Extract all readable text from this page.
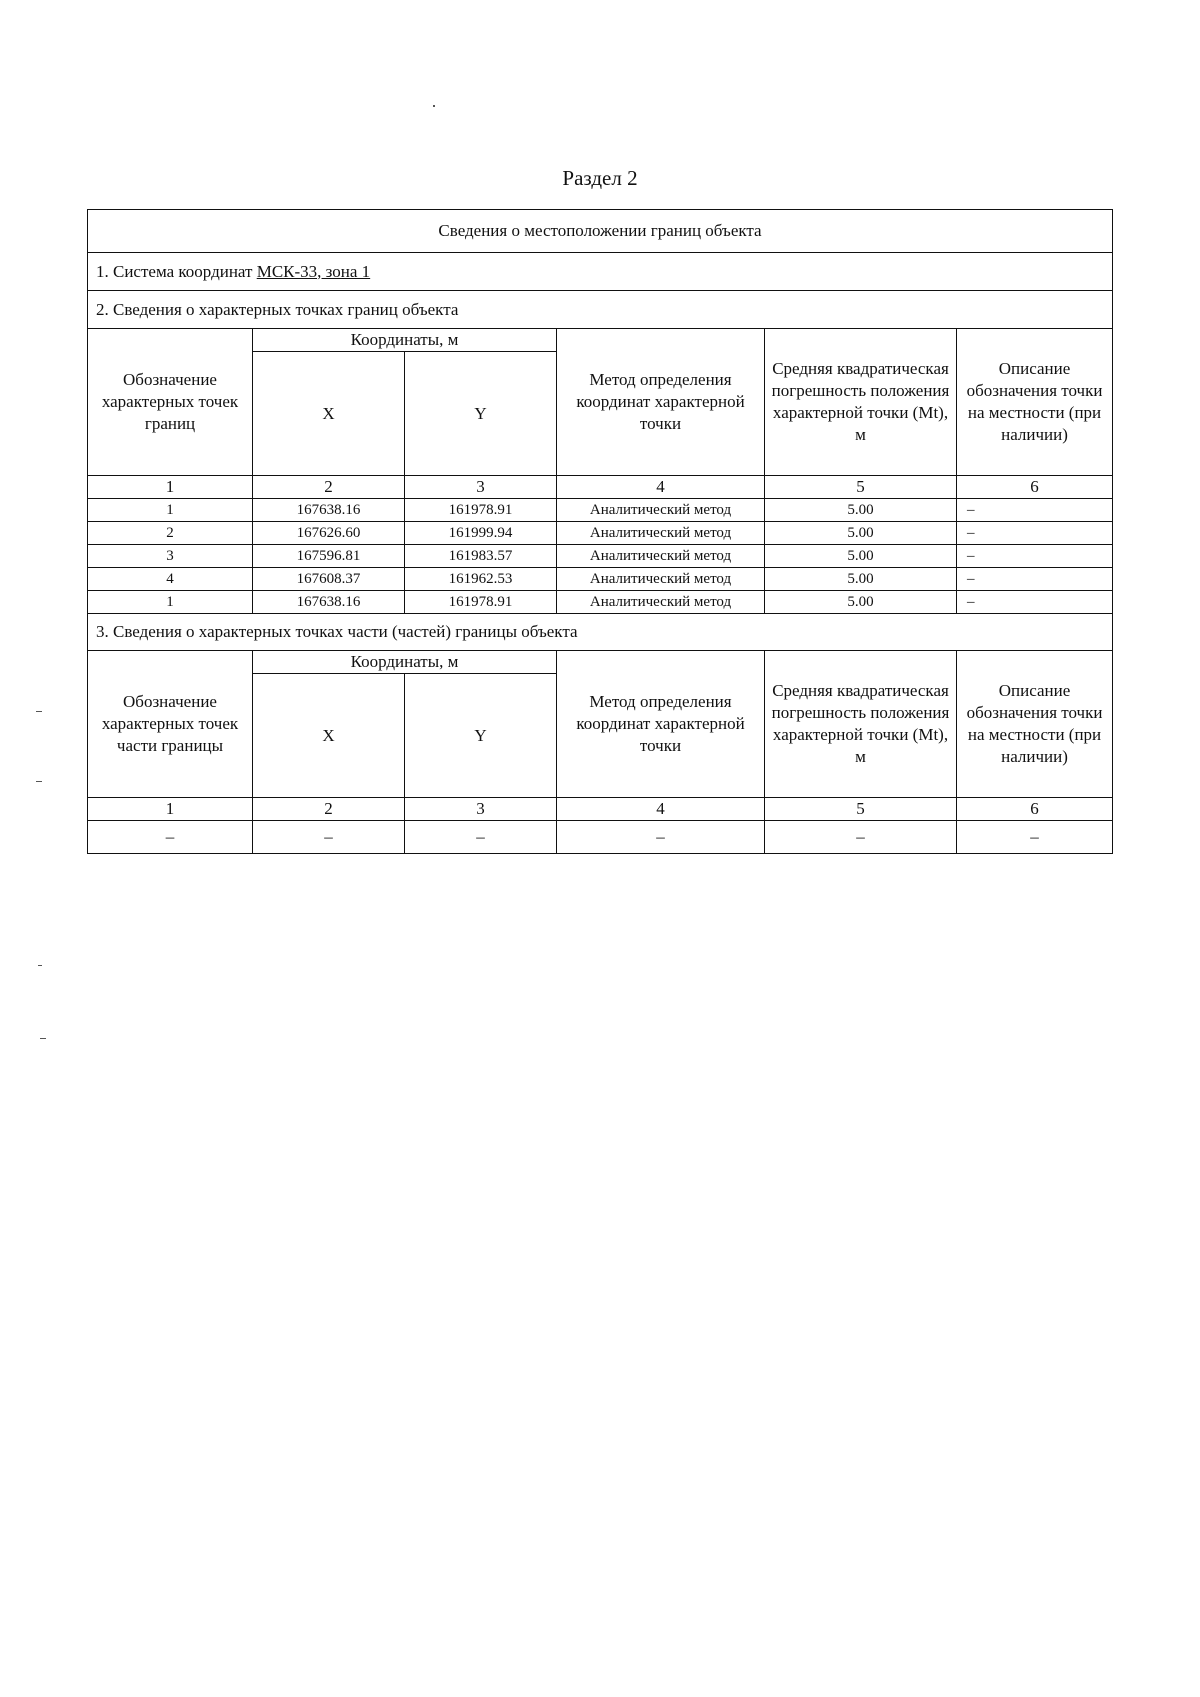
Раздел 2
Сведения о местоположении границ объекта					
1. Система координат МСК-33, зона 1					
2. Сведения о характерных точках границ объекта					
Обозначение характерных точек границ	Координаты, м		Метод определения координат характерной точки	Средняя квадратическая погрешность положения характерной точки (Mt), м	Описание обозначения точки на местности (при наличии)
	X	Y			
1	2	3	4	5	6
1	167638.16	161978.91	Аналитический метод	5.00	–
2	167626.60	161999.94	Аналитический метод	5.00	–
3	167596.81	161983.57	Аналитический метод	5.00	–
4	167608.37	161962.53	Аналитический метод	5.00	–
1	167638.16	161978.91	Аналитический метод	5.00	–
3. Сведения о характерных точках части (частей) границы объекта					
Обозначение характерных точек части границы	Координаты, м		Метод определения координат характерной точки	Средняя квадратическая погрешность положения характерной точки (Mt), м	Описание обозначения точки на местности (при наличии)
	X	Y			
1	2	3	4	5	6
–	–	–	–	–	–
